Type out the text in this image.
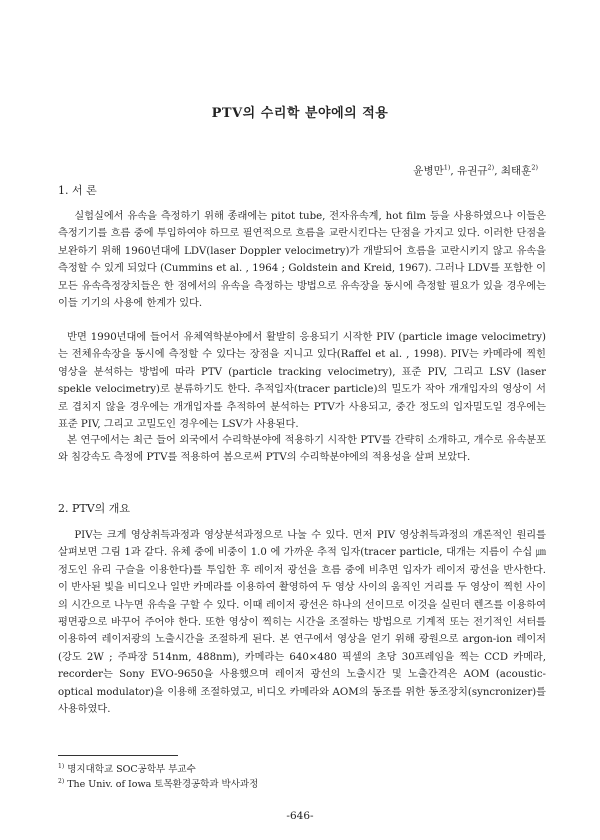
PTV의 수리학 분야에의 적용
윤병만$^{1)}$, 유권규$^{2)}$, 최태훈$^{2)}$
1. 서 론

실험실에서 유속을 측정하기 위해 종래에는 pitot tube, 전자유속계, hot film 등을 사용하였으나 이들은 측정기기를 흐름 중에 투입하여야 하므로 필연적으로 흐름을 교란시킨다는 단점을 가지고 있다. 이러한 단점을 보완하기 위해 1960년대에 LDV(laser Doppler velocimetry)가 개발되어 흐름을 교란시키지 않고 유속을 측정할 수 있게 되었다 (Cummins et al. , 1964 ; Goldstein and Kreid, 1967). 그러나 LDV를 포함한 이 모든 유속측정장치들은 한 점에서의 유속을 측정하는 방법으로 유속장을 동시에 측정할 필요가 있을 경우에는 이들 기기의 사용에 한계가 있다.

반면 1990년대에 들어서 유체역학분야에서 활발히 응용되기 시작한 PIV (particle image velocimetry)는 전체유속장을 동시에 측정할 수 있다는 장점을 지니고 있다(Raffel et al. , 1998). PIV는 카메라에 찍힌 영상을 분석하는 방법에 따라 PTV (particle tracking velocimetry), 표준 PIV, 그리고 LSV (laser spekle velocimetry)로 분류하기도 한다. 추적입자(tracer particle)의 밀도가 작아 개개입자의 영상이 서로 겹치지 않을 경우에는 개개입자를 추적하여 분석하는 PTV가 사용되고, 중간 정도의 입자밀도일 경우에는 표준 PIV, 그리고 고밀도인 경우에는 LSV가 사용된다.

본 연구에서는 최근 들어 외국에서 수리학분야에 적용하기 시작한 PTV를 간략히 소개하고, 개수로 유속분포와 침강속도 측정에 PTV를 적용하여 봄으로써 PTV의 수리학분야에의 적용성을 살펴 보았다.

2. PTV의 개요

PIV는 크게 영상취득과정과 영상분석과정으로 나눌 수 있다. 먼저 PIV 영상취득과정의 개론적인 원리를 살펴보면 그림 1과 같다. 유체 중에 비중이 1.0 에 가까운 추적 입자(tracer particle, 대개는 지름이 수십 ㎛ 정도인 유리 구슬을 이용한다)를 투입한 후 레이저 광선을 흐름 중에 비추면 입자가 레이저 광선을 반사한다. 이 반사된 빛을 비디오나 일반 카메라를 이용하여 촬영하여 두 영상 사이의 움직인 거리를 두 영상이 찍힌 사이의 시간으로 나누면 유속을 구할 수 있다. 이때 레이저 광선은 하나의 선이므로 이것을 실린더 렌즈를 이용하여 평면광으로 바꾸어 주어야 한다. 또한 영상이 찍히는 시간을 조절하는 방법으로 기계적 또는 전기적인 셔터를 이용하여 레이저광의 노출시간을 조절하게 된다. 본 연구에서 영상을 얻기 위해 광원으로 argon-ion 레이저 (강도 2W ; 주파장 514nm, 488nm), 카메라는 640×480 픽셀의 초당 30프레임을 찍는 CCD 카메라, recorder는 Sony EVO-9650을 사용했으며 레이저 광선의 노출시간 및 노출간격은 AOM (acoustic-optical modulator)을 이용해 조절하였고, 비디오 카메라와 AOM의 동조를 위한 동조장치(syncronizer)를 사용하였다.

$^{1)}$ 명지대학교 SOC공학부 부교수
$^{2)}$ The Univ. of Iowa 토목환경공학과 박사과정
-646-
